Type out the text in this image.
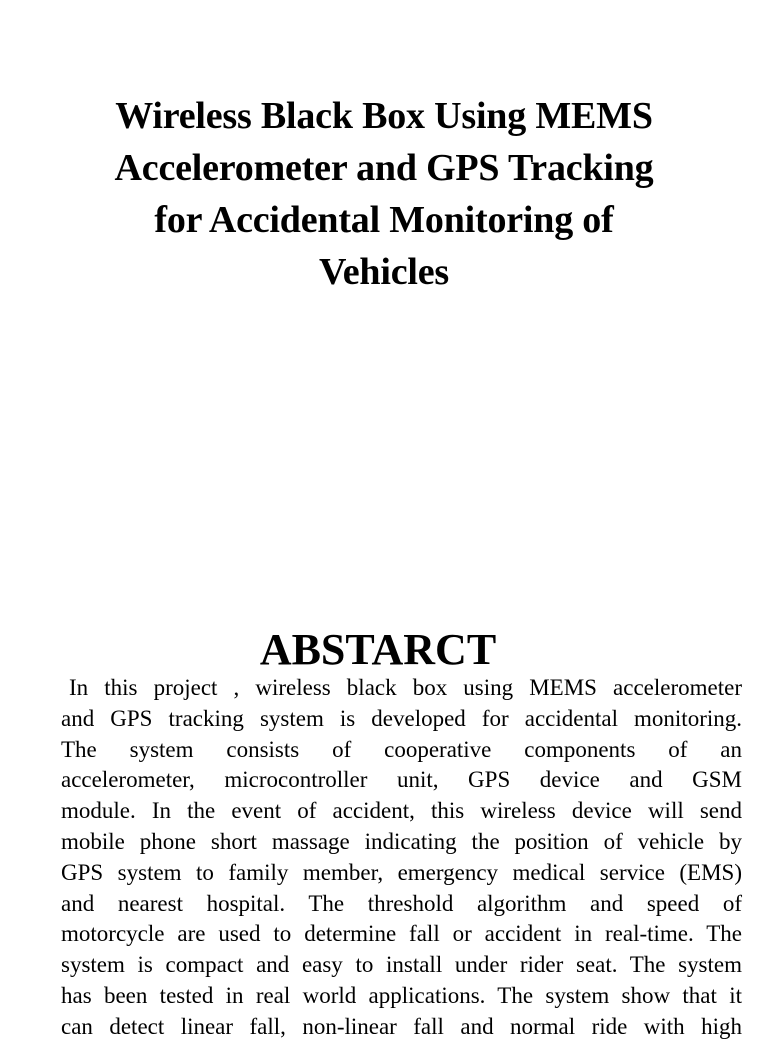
Wireless Black Box Using MEMS
Accelerometer and GPS Tracking
for Accidental Monitoring of
Vehicles
ABSTARCT
In this project , wireless black box using MEMS accelerometer
and GPS tracking system is developed for accidental monitoring.
The system consists of cooperative components of an
accelerometer, microcontroller unit, GPS device and GSM
module. In the event of accident, this wireless device will send
mobile phone short massage indicating the position of vehicle by
GPS system to family member, emergency medical service (EMS)
and nearest hospital. The threshold algorithm and speed of
motorcycle are used to determine fall or accident in real-time. The
system is compact and easy to install under rider seat. The system
has been tested in real world applications. The system show that it
can detect linear fall, non-linear fall and normal ride with high
